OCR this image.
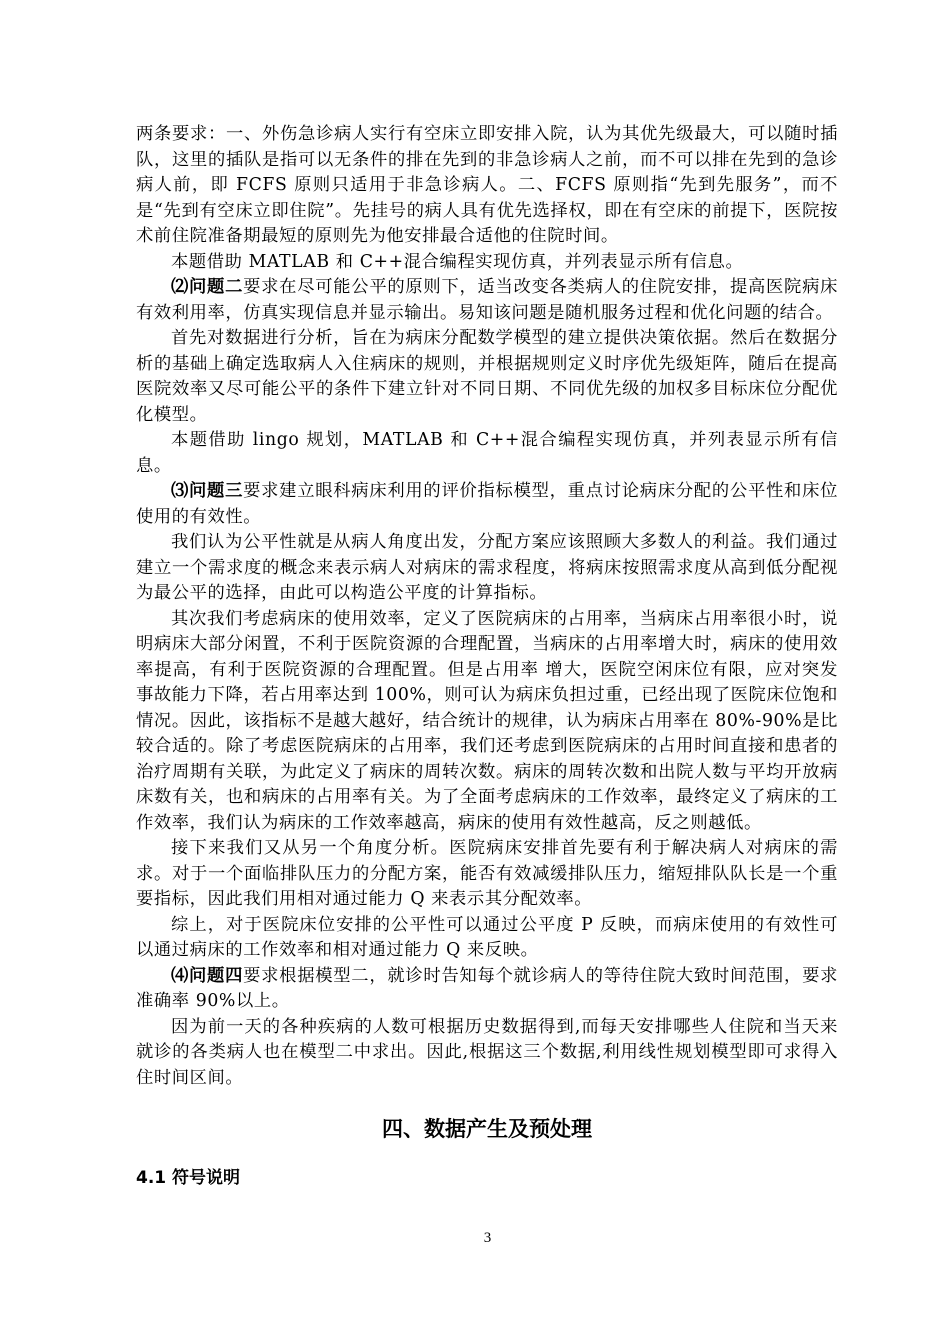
两条要求：一、外伤急诊病人实行有空床立即安排入院，认为其优先级最大，可以随时插队，这里的插队是指可以无条件的排在先到的非急诊病人之前，而不可以排在先到的急诊病人前，即 FCFS 原则只适用于非急诊病人。二、FCFS 原则指“先到先服务”，而不是“先到有空床立即住院”。先挂号的病人具有优先选择权，即在有空床的前提下，医院按术前住院准备期最短的原则先为他安排最合适他的住院时间。

本题借助 MATLAB 和 C++混合编程实现仿真，并列表显示所有信息。

⑵问题二要求在尽可能公平的原则下，适当改变各类病人的住院安排，提高医院病床有效利用率，仿真实现信息并显示输出。易知该问题是随机服务过程和优化问题的结合。

首先对数据进行分析，旨在为病床分配数学模型的建立提供决策依据。然后在数据分析的基础上确定选取病人入住病床的规则，并根据规则定义时序优先级矩阵，随后在提高医院效率又尽可能公平的条件下建立针对不同日期、不同优先级的加权多目标床位分配优化模型。

本题借助 lingo 规划，MATLAB 和 C++混合编程实现仿真，并列表显示所有信息。

⑶问题三要求建立眼科病床利用的评价指标模型，重点讨论病床分配的公平性和床位使用的有效性。

我们认为公平性就是从病人角度出发，分配方案应该照顾大多数人的利益。我们通过建立一个需求度的概念来表示病人对病床的需求程度，将病床按照需求度从高到低分配视为最公平的选择，由此可以构造公平度的计算指标。

其次我们考虑病床的使用效率，定义了医院病床的占用率，当病床占用率很小时，说明病床大部分闲置，不利于医院资源的合理配置，当病床的占用率增大时，病床的使用效率提高，有利于医院资源的合理配置。但是占用率 增大，医院空闲床位有限，应对突发事故能力下降，若占用率达到 100%，则可认为病床负担过重，已经出现了医院床位饱和情况。因此，该指标不是越大越好，结合统计的规律，认为病床占用率在 80%-90%是比较合适的。除了考虑医院病床的占用率，我们还考虑到医院病床的占用时间直接和患者的治疗周期有关联，为此定义了病床的周转次数。病床的周转次数和出院人数与平均开放病床数有关，也和病床的占用率有关。为了全面考虑病床的工作效率，最终定义了病床的工作效率，我们认为病床的工作效率越高，病床的使用有效性越高，反之则越低。

接下来我们又从另一个角度分析。医院病床安排首先要有利于解决病人对病床的需求。对于一个面临排队压力的分配方案，能否有效减缓排队压力，缩短排队队长是一个重要指标，因此我们用相对通过能力 Q 来表示其分配效率。

综上，对于医院床位安排的公平性可以通过公平度 P 反映，而病床使用的有效性可以通过病床的工作效率和相对通过能力 Q 来反映。

⑷问题四要求根据模型二，就诊时告知每个就诊病人的等待住院大致时间范围，要求准确率 90%以上。

因为前一天的各种疾病的人数可根据历史数据得到,而每天安排哪些人住院和当天来就诊的各类病人也在模型二中求出。因此,根据这三个数据,利用线性规划模型即可求得入住时间区间。

四、数据产生及预处理
4.1 符号说明
3
